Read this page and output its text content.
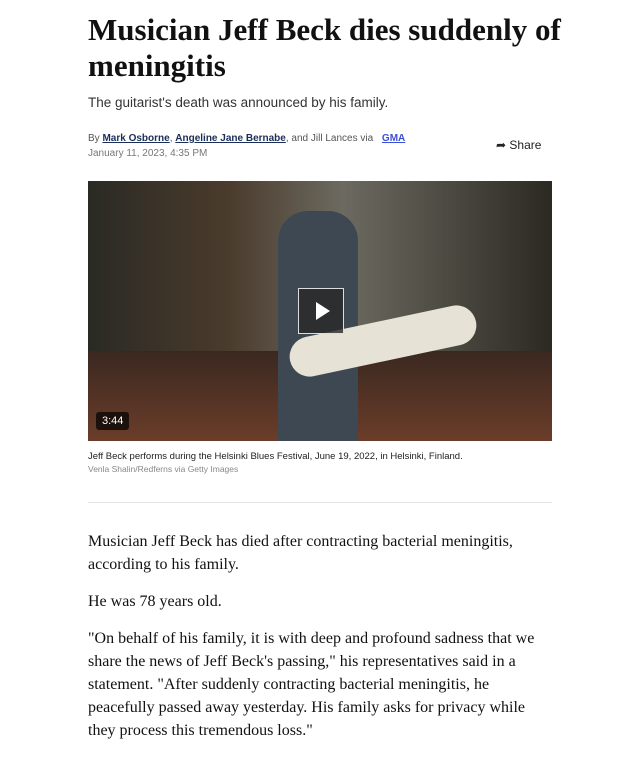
Musician Jeff Beck dies suddenly of meningitis
The guitarist's death was announced by his family.
By Mark Osborne, Angeline Jane Bernabe, and Jill Lances via GMA
January 11, 2023, 4:35 PM
➦ Share
3:44
Jeff Beck performs during the Helsinki Blues Festival, June 19, 2022, in Helsinki, Finland.
Venla Shalin/Redferns via Getty Images

Musician Jeff Beck has died after contracting bacterial meningitis, according to his family.

He was 78 years old.

"On behalf of his family, it is with deep and profound sadness that we share the news of Jeff Beck's passing," his representatives said in a statement. "After suddenly contracting bacterial meningitis, he peacefully passed away yesterday. His family asks for privacy while they process this tremendous loss."
